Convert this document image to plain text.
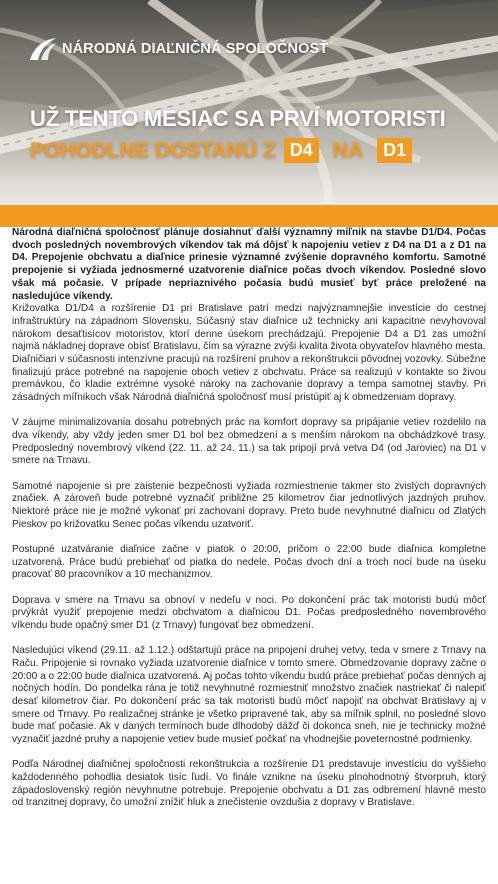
NÁRODNÁ DIAĽNIČNÁ SPOLOČNOSŤ
UŽ TENTO MESIAC SA PRVÍ MOTORISTI
POHODLNE DOSTANÚ Z D4 NA	D1

Národná diaľničná spoločnosť plánuje dosiahnuť ďalší významný míľnik na stavbe D1/D4. Počas dvoch posledných novembrových víkendov tak má dôjsť k napojeniu vetiev z D4 na D1 a z D1 na D4. Prepojenie obchvatu a diaľnice prinesie významné zvýšenie dopravného komfortu. Samotné prepojenie si vyžiada jednosmerné uzatvorenie diaľnice počas dvoch víkendov. Posledné slovo však má počasie. V prípade nepriaznivého počasia budú musieť byť práce preložené na nasledujúce víkendy.

Križovatka D1/D4 a rozšírenie D1 pri Bratislave patrí medzi najvýznamnejšie investície do cestnej infraštruktúry na západnom Slovensku. Súčasný stav diaľnice už technicky ani kapacitne nevyhovoval nárokom desaťtisícov motoristov, ktorí denne úsekom prechádzajú. Prepojenie D4 a D1 zas umožní najmä nákladnej doprave obísť Bratislavu, čím sa výrazne zvýši kvalita života obyvateľov hlavného mesta.

Diaľničiari v súčasnosti intenzívne pracujú na rozšírení pruhov a rekonštrukcii pôvodnej vozovky. Súbežne finalizujú práce potrebné na napojenie oboch vetiev z obchvatu. Práce sa realizujú v kontakte so živou premávkou, čo kladie extrémne vysoké nároky na zachovanie dopravy a tempa samotnej stavby. Pri zásadných míľnikoch však Národná diaľničná spoločnosť musí pristúpiť aj k obmedzeniam dopravy.

V záujme minimalizovania dosahu potrebných prác na komfort dopravy sa pripájanie vetiev rozdelilo na dva víkendy, aby vždy jeden smer D1 bol bez obmedzení a s menším nárokom na obchádzkové trasy. Predposledný novembrový víkend (22. 11. až 24. 11.) sa tak pripojí prvá vetva D4 (od Jaroviec) na D1 v smere na Trnavu.

Samotné napojenie si pre zaistenie bezpečnosti vyžiada rozmiestnenie takmer sto zvislých dopravných značiek. A zároveň bude potrebné vyznačiť približne 25 kilometrov čiar jednotlivých jazdných pruhov. Niektoré práce nie je možné vykonať pri zachovaní dopravy. Preto bude nevyhnutné diaľnicu od Zlatých Pieskov po križovatku Senec počas víkendu uzatvoriť.

Postupné uzatváranie diaľnice začne v piatok o 20:00, pričom o 22:00 bude diaľnica kompletne uzatvorená. Práce budú prebiehať od piatka do nedele. Počas dvoch dní a troch nocí bude na úseku pracovať 80 pracovníkov a 10 mechanizmov.

Doprava v smere na Trnavu sa obnoví v nedeľu v noci. Po dokončení prác tak motoristi budú môcť prvýkrát využiť prepojenie medzi obchvatom a diaľnicou D1. Počas predposledného novembrového víkendu bude opačný smer D1 (z Trnavy) fungovať bez obmedzení.

Nasledujúci víkend (29.11. až 1.12.) odštartujú práce na pripojení druhej vetvy, teda v smere z Trnavy na Raču. Pripojenie si rovnako vyžiada uzatvorenie diaľnice v tomto smere. Obmedzovanie dopravy začne o 20:00 a o 22:00 bude diaľnica uzatvorená. Aj počas tohto víkendu budú práce prebiehať počas denných aj nočných hodín. Do pondelka rána je totiž nevyhnutné rozmiestniť množstvo značiek nastriekať či nalepiť desať kilometrov čiar. Po dokončení prác sa tak motoristi budú môcť napojiť na obchvat Bratislavy aj v smere od Trnavy. Po realizačnej stránke je všetko pripravené tak, aby sa míľnik splnil, no posledné slovo bude mať počasie. Ak v daných termínoch bude dlhodobý dážď či dokonca sneh, nie je technicky možné vyznačiť jazdné pruhy a napojenie vetiev bude musieť počkať na vhodnejšie poveternostné podmienky.

Podľa Národnej diaľničnej spoločnosti rekonštrukcia a rozšírenie D1 predstavuje investíciu do vyššieho každodenného pohodlia desiatok tisíc ľudí. Vo finále vznikne na úseku plnohodnotný štvorpruh, ktorý západoslovenský región nevyhnutne potrebuje. Prepojenie obchvatu a D1 zas odbremení hlavné mesto od tranzitnej dopravy, čo umožní znížiť hluk a znečistenie ovzdušia z dopravy v Bratislave.
